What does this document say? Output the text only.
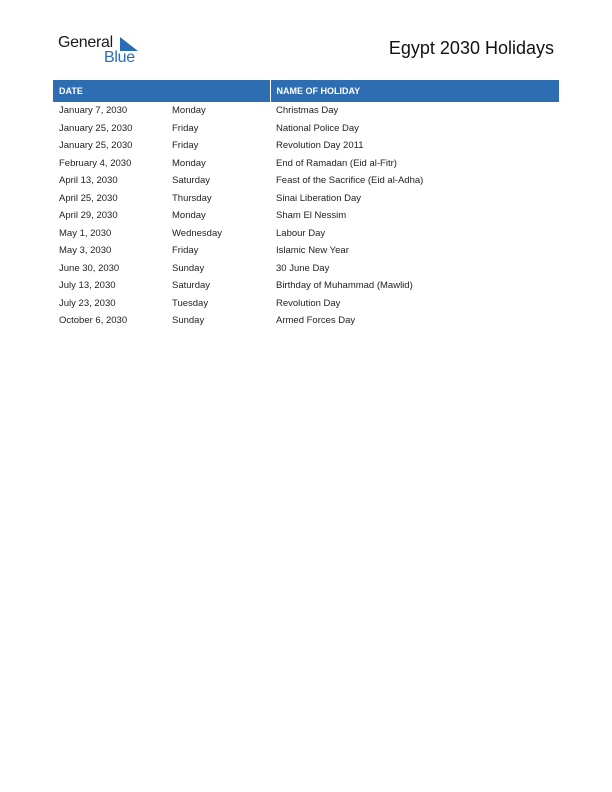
General
Blue	Egypt 2030 Holidays
DATE		NAME OF HOLIDAY
January 7, 2030	Monday	Christmas Day
January 25, 2030	Friday	National Police Day
January 25, 2030	Friday	Revolution Day 2011
February 4, 2030	Monday	End of Ramadan (Eid al-Fitr)
April 13, 2030	Saturday	Feast of the Sacrifice (Eid al-Adha)
April 25, 2030	Thursday	Sinai Liberation Day
April 29, 2030	Monday	Sham El Nessim
May 1, 2030	Wednesday	Labour Day
May 3, 2030	Friday	Islamic New Year
June 30, 2030	Sunday	30 June Day
July 13, 2030	Saturday	Birthday of Muhammad (Mawlid)
July 23, 2030	Tuesday	Revolution Day
October 6, 2030	Sunday	Armed Forces Day
